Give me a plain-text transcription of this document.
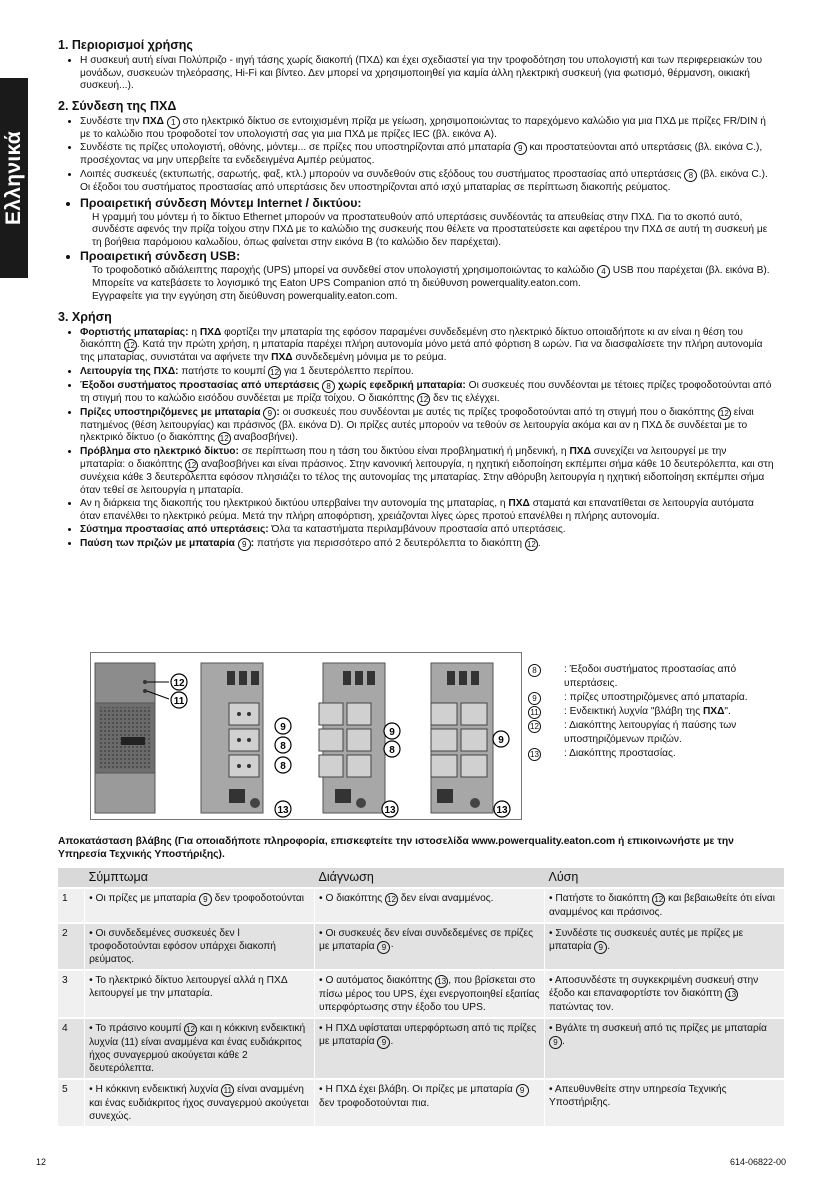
Ελληνικά
1. Περιορισμοί χρήσης
• Η συσκευή αυτή είναι Πολύπριζο - ιηγή τάσης χωρίς διακοπή (ΠΧΔ) και έχει σχεδιαστεί για την τροφοδότηση του υπολογιστή και των περιφερειακών του μονάδων, συσκευών τηλεόρασης, Hi-Fi και βίντεο. Δεν μπορεί να χρησιμοποιηθεί για καμία άλλη ηλεκτρική συσκευή (για φωτισμό, θέρμανση, οικιακή συσκευή...).
2. Σύνδεση της ΠΧΔ
• Συνδέστε την ΠΧΔ 1 στο ηλεκτρικό δίκτυο σε εντοιχισμένη πρίζα με γείωση, χρησιμοποιώντας το παρεχόμενο καλώδιο για μια ΠΧΔ με πρίζες FR/DIN ή με το καλώδιο που τροφοδοτεί τον υπολογιστή σας για μια ΠΧΔ με πρίζες IEC (βλ. εικόνα A).
• Συνδέστε τις πρίζες υπολογιστή, οθόνης, μόντεμ... σε πρίζες που υποστηρίζονται από μπαταρία 9 και προστατεύονται από υπερτάσεις (βλ. εικόνα C.), προσέχοντας να μην υπερβείτε τα ενδεδειγμένα Αμπέρ ρεύματος.
• Λοιπές συσκευές (εκτυπωτής, σαρωτής, φαξ, κτλ.) μπορούν να συνδεθούν στις εξόδους του συστήματος προστασίας από υπερτάσεις 8 (βλ. εικόνα C.). Οι έξοδοι του συστήματος προστασίας από υπερτάσεις δεν υποστηρίζονται από ισχύ μπαταρίας σε περίπτωση διακοπής ρεύματος.
• Προαιρετική σύνδεση Μόντεμ Internet / δικτύου:
Η γραμμή του μόντεμ ή το δίκτυο Ethernet μπορούν να προστατευθούν από υπερτάσεις συνδέοντάς τα απευθείας στην ΠΧΔ. Για το σκοπό αυτό, συνδέστε αφενός την πρίζα τοίχου στην ΠΧΔ με το καλώδιο της συσκευής που θέλετε να προστατεύσετε και αφετέρου την ΠΧΔ σε αυτή τη συσκευή με τη βοήθεια παρόμοιου καλωδίου, όπως φαίνεται στην εικόνα B (το καλώδιο δεν παρέχεται).
• Προαιρετική σύνδεση USB:
Το τροφοδοτικό αδιάλειπτης παροχής (UPS) μπορεί να συνδεθεί στον υπολογιστή χρησιμοποιώντας το καλώδιο 4 USB που παρέχεται (βλ. εικόνα B).
Μπορείτε να κατεβάσετε το λογισμικό της Eaton UPS Companion από τη διεύθυνση powerquality.eaton.com.
Εγγραφείτε για την εγγύηση στη διεύθυνση powerquality.eaton.com.
3. Χρήση
• Φορτιστής μπαταρίας: η ΠΧΔ φορτίζει την μπαταρία της εφόσον παραμένει συνδεδεμένη στο ηλεκτρικό δίκτυο οποιαδήποτε κι αν είναι η θέση του διακόπτη 12 . Κατά την πρώτη χρήση, η μπαταρία παρέχει πλήρη αυτονομία μόνο μετά από φόρτιση 8 ωρών. Για να διασφαλίσετε την πλήρη αυτονομία της μπαταρίας, συνιστάται να αφήνετε την ΠΧΔ συνδεδεμένη μόνιμα με το ρεύμα.
• Λειτουργία της ΠΧΔ: πατήστε το κουμπί 12 για 1 δευτερόλεπτο περίπου.
• Έξοδοι συστήματος προστασίας από υπερτάσεις 8 χωρίς εφεδρική μπαταρία: Οι συσκευές που συνδέονται με τέτοιες πρίζες τροφοδοτούνται από τη στιγμή που το καλώδιο εισόδου συνδέεται με πρίζα τοίχου. Ο διακόπτης 12 δεν τις ελέγχει.
• Πρίζες υποστηριζόμενες με μπαταρία 9 : οι συσκευές που συνδέονται με αυτές τις πρίζες τροφοδοτούνται από τη στιγμή που ο διακόπτης 12 είναι πατημένος (θέση λειτουργίας) και πράσινος (βλ. εικόνα D). Οι πρίζες αυτές μπορούν να τεθούν σε λειτουργία ακόμα και αν η ΠΧΔ δε συνδέεται με το ηλεκτρικό δίκτυο (ο διακόπτης 12 αναβοσβήνει).
• Πρόβλημα στο ηλεκτρικό δίκτυο: σε περίπτωση που η τάση του δικτύου είναι προβληματική ή μηδενική, η ΠΧΔ συνεχίζει να λειτουργεί με την μπαταρία: ο διακόπτης 12 αναβοσβήνει και είναι πράσινος. Στην κανονική λειτουργία, η ηχητική ειδοποίηση εκπέμπει σήμα κάθε 10 δευτερόλεπτα, και στη συνέχεια κάθε 3 δευτερόλεπτα εφόσον πλησιάζει το τέλος της αυτονομίας της μπαταρίας. Στην αθόρυβη λειτουργία η ηχητική ειδοποίηση εκπέμπει σήμα όταν τεθεί σε λειτουργία η μπαταρία.
• Αν η διάρκεια της διακοπής του ηλεκτρικού δικτύου υπερβαίνει την αυτονομία της μπαταρίας, η ΠΧΔ σταματά και επανατίθεται σε λειτουργία αυτόματα όταν επανέλθει το ηλεκτρικό ρεύμα. Μετά την πλήρη αποφόρτιση, χρειάζονται λίγες ώρες προτού επανέλθει η πλήρης αυτονομία.
• Σύστημα προστασίας από υπερτάσεις: Όλα τα καταστήματα περιλαμβάνουν προστασία από υπερτάσεις.
• Παύση των πριζών με μπαταρία 9 : πατήστε για περισσότερο από 2 δευτερόλεπτα το διακόπτη 12 .
12
11
9
8
8
13
9
8
13
9
13
8	: Έξοδοι συστήματος προστασίας από υπερτάσεις.
9	: πρίζες υποστηριζόμενες από μπαταρία.
11	: Ενδεικτική λυχνία "βλάβη της ΠΧΔ".
12	: Διακόπτης λειτουργίας ή παύσης των υποστηριζόμενων πριζών.
13	: Διακόπτης προστασίας.
Αποκατάσταση βλάβης (Για οποιαδήποτε πληροφορία, επισκεφτείτε την ιστοσελίδα www.powerquality.eaton.com ή επικοινωνήστε με την Υπηρεσία Τεχνικής Υποστήριξης).
	Σύμπτωμα	Διάγνωση	Λύση
1	• Οι πρίζες με μπαταρία 9 δεν τροφοδοτούνται	• Ο διακόπτης 12 δεν είναι αναμμένος.	• Πατήστε το διακόπτη 12 και βεβαιωθείτε ότι είναι αναμμένος και πράσινος.
2	• Οι συνδεδεμένες συσκευές δεν l τροφοδοτούνται εφόσον υπάρχει διακοπή ρεύματος.	• Οι συσκευές δεν είναι συνδεδεμένες σε πρίζες με μπαταρία 9 ·	• Συνδέστε τις συσκευές αυτές με πρίζες με μπαταρία 9 .
3	• Το ηλεκτρικό δίκτυο λειτουργεί αλλά η ΠΧΔ λειτουργεί με την μπαταρία.	• Ο αυτόματος διακόπτης 13 , που βρίσκεται στο πίσω μέρος του UPS, έχει ενεργοποιηθεί εξαιτίας υπερφόρτωσης στην έξοδο του UPS.	• Αποσυνδέστε τη συγκεκριμένη συσκευή στην έξοδο και επαναφορτίστε τον διακόπτη 13 πατώντας τον.
4	• Το πράσινο κουμπί 12 και η κόκκινη ενδεικτική λυχνία (11) είναι αναμμένα και ένας ευδιάκριτος ήχος συναγερμού ακούγεται κάθε 2 δευτερόλεπτα.	• Η ΠΧΔ υφίσταται υπερφόρτωση από τις πρίζες με μπαταρία 9 .	• Βγάλτε τη συσκευή από τις πρίζες με μπαταρία 9 .
5	• Η κόκκινη ενδεικτική λυχνία 11 είναι αναμμένη και ένας ευδιάκριτος ήχος συναγερμού ακούγεται συνεχώς.	• Η ΠΧΔ έχει βλάβη. Οι πρίζες με μπαταρία 9 δεν τροφοδοτούνται πια.	• Απευθυνθείτε στην υπηρεσία Τεχνικής Υποστήριξης.
12	614-06822-00
